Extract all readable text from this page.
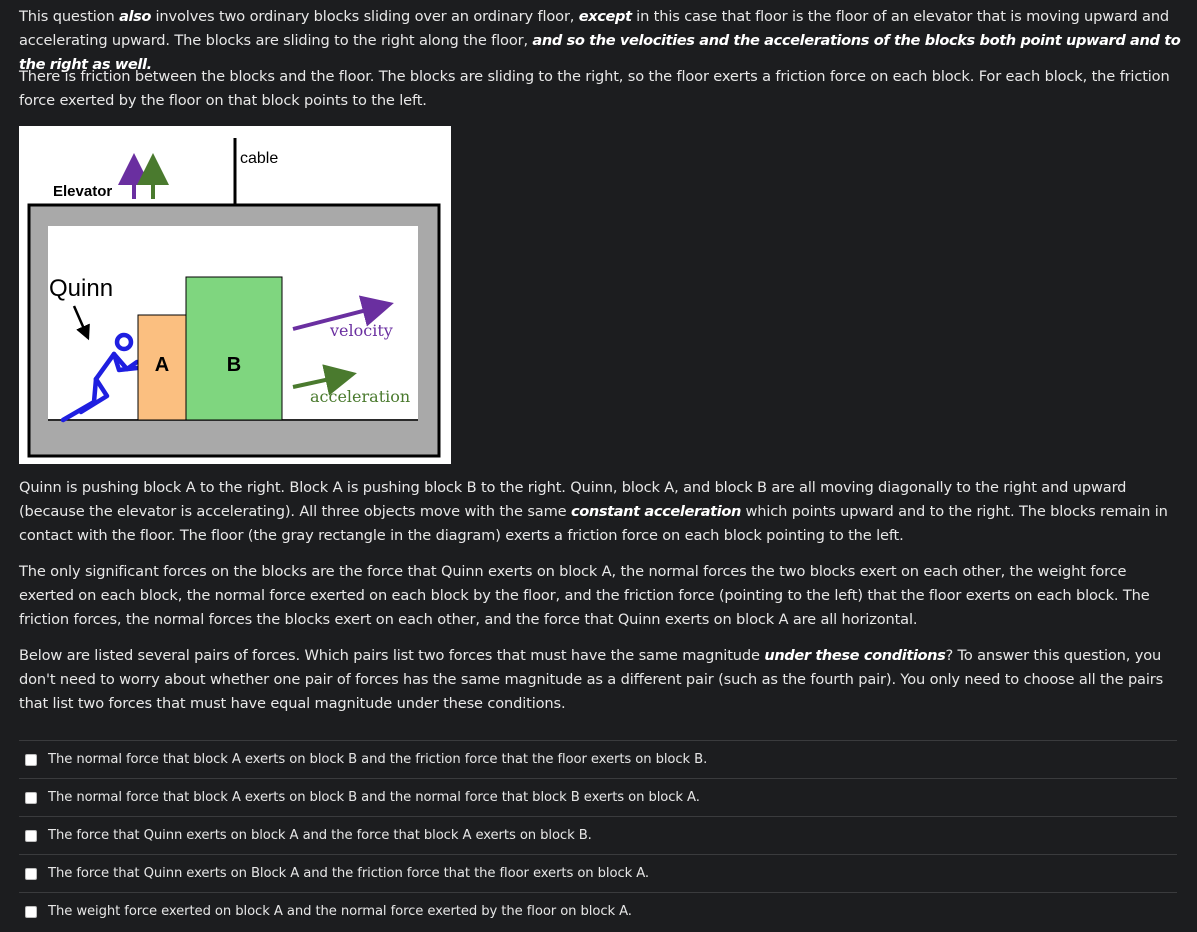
This question also involves two ordinary blocks sliding over an ordinary floor, except in this case that floor is the floor of an elevator that is moving upward and accelerating upward. The blocks are sliding to the right along the floor, and so the velocities and the accelerations of the blocks both point upward and to the right as well.

There is friction between the blocks and the floor. The blocks are sliding to the right, so the floor exerts a friction force on each block. For each block, the friction force exerted by the floor on that block points to the left.

cable
Elevator
Quinn
A	B
velocity
acceleration

Quinn is pushing block A to the right. Block A is pushing block B to the right. Quinn, block A, and block B are all moving diagonally to the right and upward (because the elevator is accelerating). All three objects move with the same constant acceleration which points upward and to the right. The blocks remain in contact with the floor. The floor (the gray rectangle in the diagram) exerts a friction force on each block pointing to the left.

The only significant forces on the blocks are the force that Quinn exerts on block A, the normal forces the two blocks exert on each other, the weight force exerted on each block, the normal force exerted on each block by the floor, and the friction force (pointing to the left) that the floor exerts on each block. The friction forces, the normal forces the blocks exert on each other, and the force that Quinn exerts on block A are all horizontal.

Below are listed several pairs of forces. Which pairs list two forces that must have the same magnitude under these conditions? To answer this question, you don't need to worry about whether one pair of forces has the same magnitude as a different pair (such as the fourth pair). You only need to choose all the pairs that list two forces that must have equal magnitude under these conditions.

The normal force that block A exerts on block B and the friction force that the floor exerts on block B.
The normal force that block A exerts on block B and the normal force that block B exerts on block A.
The force that Quinn exerts on block A and the force that block A exerts on block B.
The force that Quinn exerts on Block A and the friction force that the floor exerts on block A.
The weight force exerted on block A and the normal force exerted by the floor on block A.
